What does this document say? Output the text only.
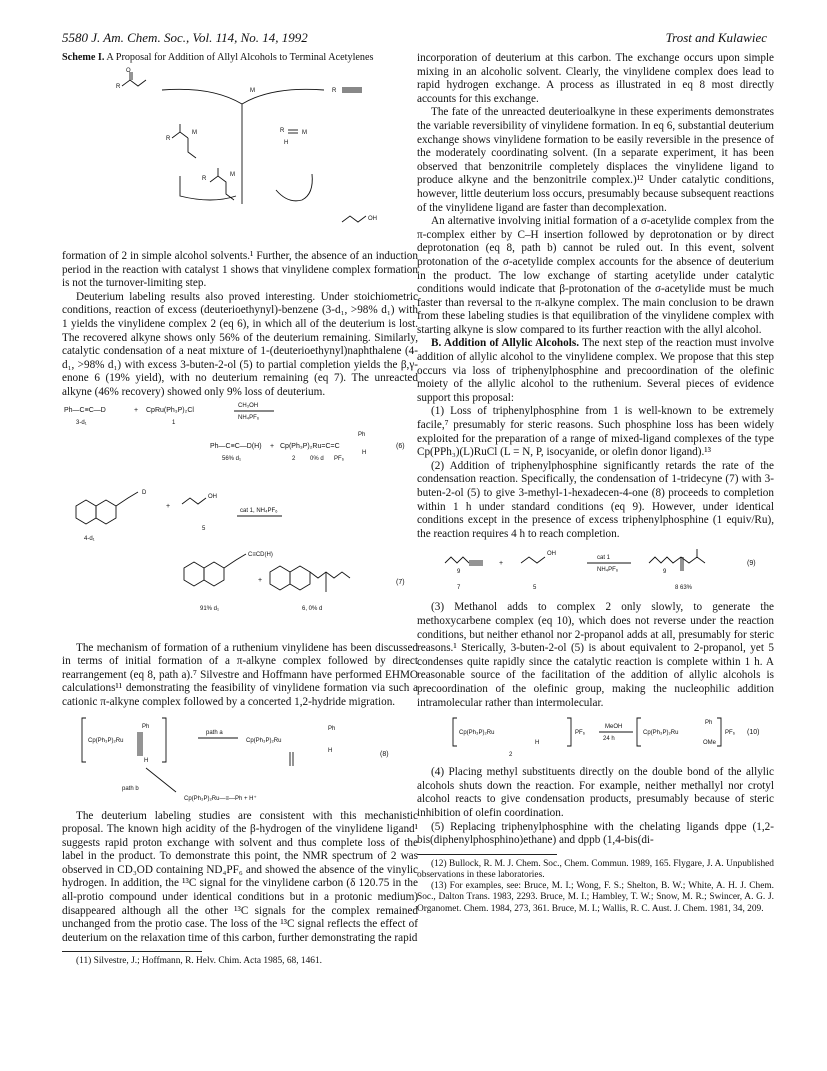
5580 J. Am. Chem. Soc., Vol. 114, No. 14, 1992	Trost and Kulawiec

Scheme I. A Proposal for Addition of Allyl Alcohols to Terminal Acetylenes

R
O
M	R
R
M	R	M
H
R
M
OH

formation of 2 in simple alcohol solvents.¹ Further, the absence of an induction period in the reaction with catalyst 1 shows that vinylidene complex formation is not the turnover-limiting step.

Deuterium labeling results also proved interesting. Under stoichiometric conditions, reaction of excess (deuterioethynyl)-benzene (3-d₁, >98% d₁) with 1 yields the vinylidene complex 2 (eq 6), in which all of the deuterium is lost. The recovered alkyne shows only 56% of the deuterium remaining. Similarly, catalytic condensation of a neat mixture of 1-(deuterioethynyl)naphthalene (4-d₁, >98% d₁) with excess 3-buten-2-ol (5) to partial completion yields the β,γ-enone 6 (19% yield), with no deuterium remaining (eq 7). The unreacted alkyne (46% recovery) showed only 9% loss of deuterium.

Ph—C≡C—D
3-d₁
+ CpRu(Ph₃P)₂Cl
1
CH₃OH
NH₄PF₆
Ph—C≡C—D(H)
56% d₁
+ Cp(Ph₃P)₂Ru=C=C
Ph
H
2 0% d PF₆
(6)
D
4-d₁
+
OH
5
cat 1, NH₄PF₆
C≡CD(H)
+
91% d₁	6, 0% d
(7)

The mechanism of formation of a ruthenium vinylidene has been discussed in terms of initial formation of a π-alkyne complex followed by direct rearrangement (eq 8, path a).⁷ Silvestre and Hoffmann have performed EHMO calculations¹¹ demonstrating the feasibility of vinylidene formation via such a cationic π-alkyne complex followed by a concerted 1,2-hydride migration.

Cp(Ph₃P)₂Ru
Ph
H
path a
Cp(Ph₃P)₂Ru
Ph
H	(8)
path b
Cp(Ph₃P)₂Ru—≡—Ph + H⁺

The deuterium labeling studies are consistent with this mechanistic proposal. The known high acidity of the β-hydrogen of the vinylidene ligand¹ suggests rapid proton exchange with solvent and thus complete loss of the label in the product. To demonstrate this point, the NMR spectrum of 2 was observed in CD₃OD containing ND₄PF₆ and showed the absence of the vinylic hydrogen. In addition, the ¹³C signal for the vinylidene carbon (δ 120.75 in the all-protio compound under identical conditions but in a protonic medium) disappeared although all the other ¹³C signals for the complex remained unchanged from the protio case. The loss of the ¹³C signal reflects the effect of deuterium on the relaxation time of this carbon, further demonstrating the rapid

(11) Silvestre, J.; Hoffmann, R. Helv. Chim. Acta 1985, 68, 1461.

incorporation of deuterium at this carbon. The exchange occurs upon simple mixing in an alcoholic solvent. Clearly, the vinylidene complex does lead to rapid hydrogen exchange. A process as illustrated in eq 8 most directly accounts for this exchange.

The fate of the unreacted deuterioalkyne in these experiments demonstrates the variable reversibility of vinylidene formation. In eq 6, substantial deuterium exchange shows vinylidene formation to be easily reversible in the presence of the moderately coordinating solvent. (In a separate experiment, it has been observed that benzonitrile completely displaces the vinylidene ligand to produce alkyne and the benzonitrile complex.)¹² Under catalytic conditions, however, little deuterium loss occurs, presumably because subsequent reactions of the vinylidene ligand are faster than decomplexation.

An alternative involving initial formation of a σ-acetylide complex from the π-complex either by C–H insertion followed by deprotonation or by direct deprotonation (eq 8, path b) cannot be ruled out. In this event, solvent protonation of the σ-acetylide complex accounts for the absence of deuterium in the product. The low exchange of starting acetylide under catalytic conditions would indicate that β-protonation of the σ-acetylide must be much faster than reversal to the π-alkyne complex. The main conclusion to be drawn from these labeling studies is that equilibration of the vinylidene complex with starting alkyne is slow compared to its further reaction with the allyl alcohol.

B. Addition of Allylic Alcohols. The next step of the reaction must involve addition of allylic alcohol to the vinylidene complex. We propose that this step occurs via loss of triphenylphosphine and precoordination of the olefinic moiety of the allylic alcohol to the ruthenium. Several pieces of evidence support this proposal:

(1) Loss of triphenylphosphine from 1 is well-known to be extremely facile,⁷ presumably for steric reasons. Such phosphine loss has been widely exploited for the preparation of a range of mixed-ligand complexes of the type Cp(PPh₃)(L)RuCl (L = N, P, isocyanide, or olefin donor ligand).¹³

(2) Addition of triphenylphosphine significantly retards the rate of the condensation reaction. Specifically, the condensation of 1-tridecyne (7) with 3-buten-2-ol (5) to give 3-methyl-1-hexadecen-4-one (8) proceeds to completion within 1 h under standard conditions (eq 9). However, under identical conditions except in the presence of excess triphenylphosphine (1 equiv/Ru), the reaction requires 4 h to reach completion.

9
+
OH
cat 1
NH₄PF₆	9
(9)
7	5	8 63%

(3) Methanol adds to complex 2 only slowly, to generate the methoxycarbene complex (eq 10), which does not reverse under the reaction conditions, but neither ethanol nor 2-propanol adds at all, presumably for steric reasons.¹ Sterically, 3-buten-2-ol (5) is about equivalent to 2-propanol, yet 5 condenses quite rapidly since the catalytic reaction is complete within 1 h. A reasonable source of the facilitation of the addition of allylic alcohols is precoordination of the olefinic group, making the nucleophilic addition intramolecular rather than intermolecular.

Cp(Ph₃P)₂Ru
H
PF₆
MeOH
24 h
Cp(Ph₃P)₂Ru
Ph
OMe
PF₆ (10)
2

(4) Placing methyl substituents directly on the double bond of the allylic alcohols shuts down the reaction. For example, neither methallyl nor crotyl alcohol reacts to give condensation products, presumably because of steric inhibition of olefin coordination.

(5) Replacing triphenylphosphine with the chelating ligands dppe (1,2-bis(diphenylphosphino)ethane) and dppb (1,4-bis(di-

(12) Bullock, R. M. J. Chem. Soc., Chem. Commun. 1989, 165. Flygare, J. A. Unpublished observations in these laboratories.

(13) For examples, see: Bruce, M. I.; Wong, F. S.; Shelton, B. W.; White, A. H. J. Chem. Soc., Dalton Trans. 1983, 2293. Bruce, M. I.; Hambley, T. W.; Snow, M. R.; Swincer, A. G. J. Organomet. Chem. 1984, 273, 361. Bruce, M. I.; Wallis, R. C. Aust. J. Chem. 1981, 34, 209.
